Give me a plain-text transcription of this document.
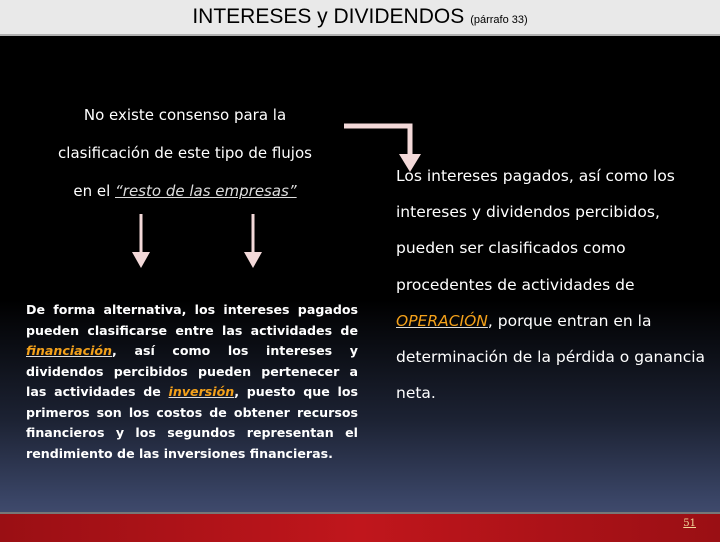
INTERESES y DIVIDENDOS (párrafo 33)
No existe consenso para la
clasificación de este tipo de flujos
en el “resto de las empresas”
De forma alternativa, los intereses pagados pueden clasificarse entre las actividades de financiación, así como los intereses y dividendos percibidos pueden pertenecer a las actividades de inversión, puesto que los primeros son los costos de obtener recursos financieros y los segundos representan el rendimiento de las inversiones financieras.
Los intereses pagados, así como los intereses y dividendos percibidos, pueden ser clasificados como procedentes de actividades de OPERACIÓN, porque entran en la determinación de la pérdida o ganancia neta.
51
